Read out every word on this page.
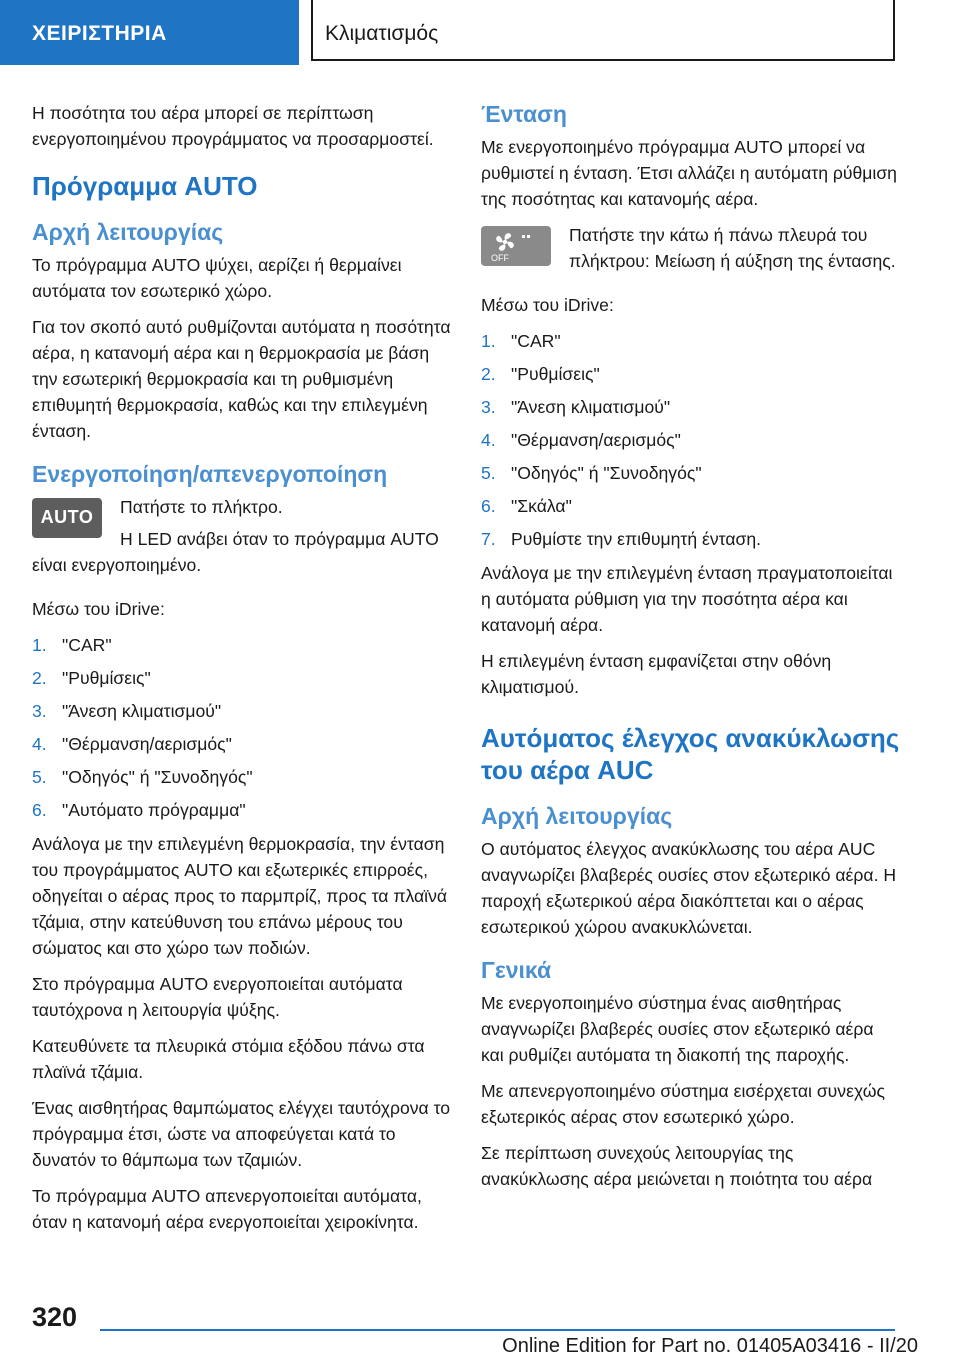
ΧΕΙΡΙΣΤΗΡΙΑ	Κλιματισμός

Η ποσότητα του αέρα μπορεί σε περίπτωση ενεργοποιημένου προγράμματος να προσαρμοστεί.

Πρόγραμμα AUTO
Αρχή λειτουργίας

Το πρόγραμμα AUTO ψύχει, αερίζει ή θερμαίνει αυτόματα τον εσωτερικό χώρο.

Για τον σκοπό αυτό ρυθμίζονται αυτόματα η ποσότητα αέρα, η κατανομή αέρα και η θερμοκρασία με βάση την εσωτερική θερμοκρασία και τη ρυθμισμένη επιθυμητή θερμοκρασία, καθώς και την επιλεγμένη ένταση.

Ενεργοποίηση/απενεργοποίηση
AUTO	Πατήστε το πλήκτρο.

Η LED ανάβει όταν το πρόγραμμα AUTO είναι ενεργοποιημένο.

Μέσω του iDrive:

1. "CAR"
2. "Ρυθμίσεις"
3. "Άνεση κλιματισμού"
4. "Θέρμανση/αερισμός"
5. "Οδηγός" ή "Συνοδηγός"
6. "Αυτόματο πρόγραμμα"

Ανάλογα με την επιλεγμένη θερμοκρασία, την ένταση του προγράμματος AUTO και εξωτερικές επιρροές, οδηγείται ο αέρας προς το παρμπρίζ, προς τα πλαϊνά τζάμια, στην κατεύθυνση του επάνω μέρους του σώματος και στο χώρο των ποδιών.

Στο πρόγραμμα AUTO ενεργοποιείται αυτόματα ταυτόχρονα η λειτουργία ψύξης.

Κατευθύνετε τα πλευρικά στόμια εξόδου πάνω στα πλαϊνά τζάμια.

Ένας αισθητήρας θαμπώματος ελέγχει ταυτόχρονα το πρόγραμμα έτσι, ώστε να αποφεύγεται κατά το δυνατόν το θάμπωμα των τζαμιών.

Το πρόγραμμα AUTO απενεργοποιείται αυτόματα, όταν η κατανομή αέρα ενεργοποιείται χειροκίνητα.

Ένταση

Με ενεργοποιημένο πρόγραμμα AUTO μπορεί να ρυθμιστεί η ένταση. Έτσι αλλάζει η αυτόματη ρύθμιση της ποσότητας και κατανομής αέρα.

OFF

Πατήστε την κάτω ή πάνω πλευρά του πλήκτρου: Μείωση ή αύξηση της έντασης.

Μέσω του iDrive:

1. "CAR"
2. "Ρυθμίσεις"
3. "Άνεση κλιματισμού"
4. "Θέρμανση/αερισμός"
5. "Οδηγός" ή "Συνοδηγός"
6. "Σκάλα"
7. Ρυθμίστε την επιθυμητή ένταση.

Ανάλογα με την επιλεγμένη ένταση πραγματοποιείται η αυτόματα ρύθμιση για την ποσότητα αέρα και κατανομή αέρα.

Η επιλεγμένη ένταση εμφανίζεται στην οθόνη κλιματισμού.

Αυτόματος έλεγχος ανακύκλωσης του αέρα AUC
Αρχή λειτουργίας

Ο αυτόματος έλεγχος ανακύκλωσης του αέρα AUC αναγνωρίζει βλαβερές ουσίες στον εξωτερικό αέρα. Η παροχή εξωτερικού αέρα διακόπτεται και ο αέρας εσωτερικού χώρου ανακυκλώνεται.

Γενικά

Με ενεργοποιημένο σύστημα ένας αισθητήρας αναγνωρίζει βλαβερές ουσίες στον εξωτερικό αέρα και ρυθμίζει αυτόματα τη διακοπή της παροχής.

Με απενεργοποιημένο σύστημα εισέρχεται συνεχώς εξωτερικός αέρας στον εσωτερικό χώρο.

Σε περίπτωση συνεχούς λειτουργίας της ανακύκλωσης αέρα μειώνεται η ποιότητα του αέρα

320
Online Edition for Part no. 01405A03416 - II/20
